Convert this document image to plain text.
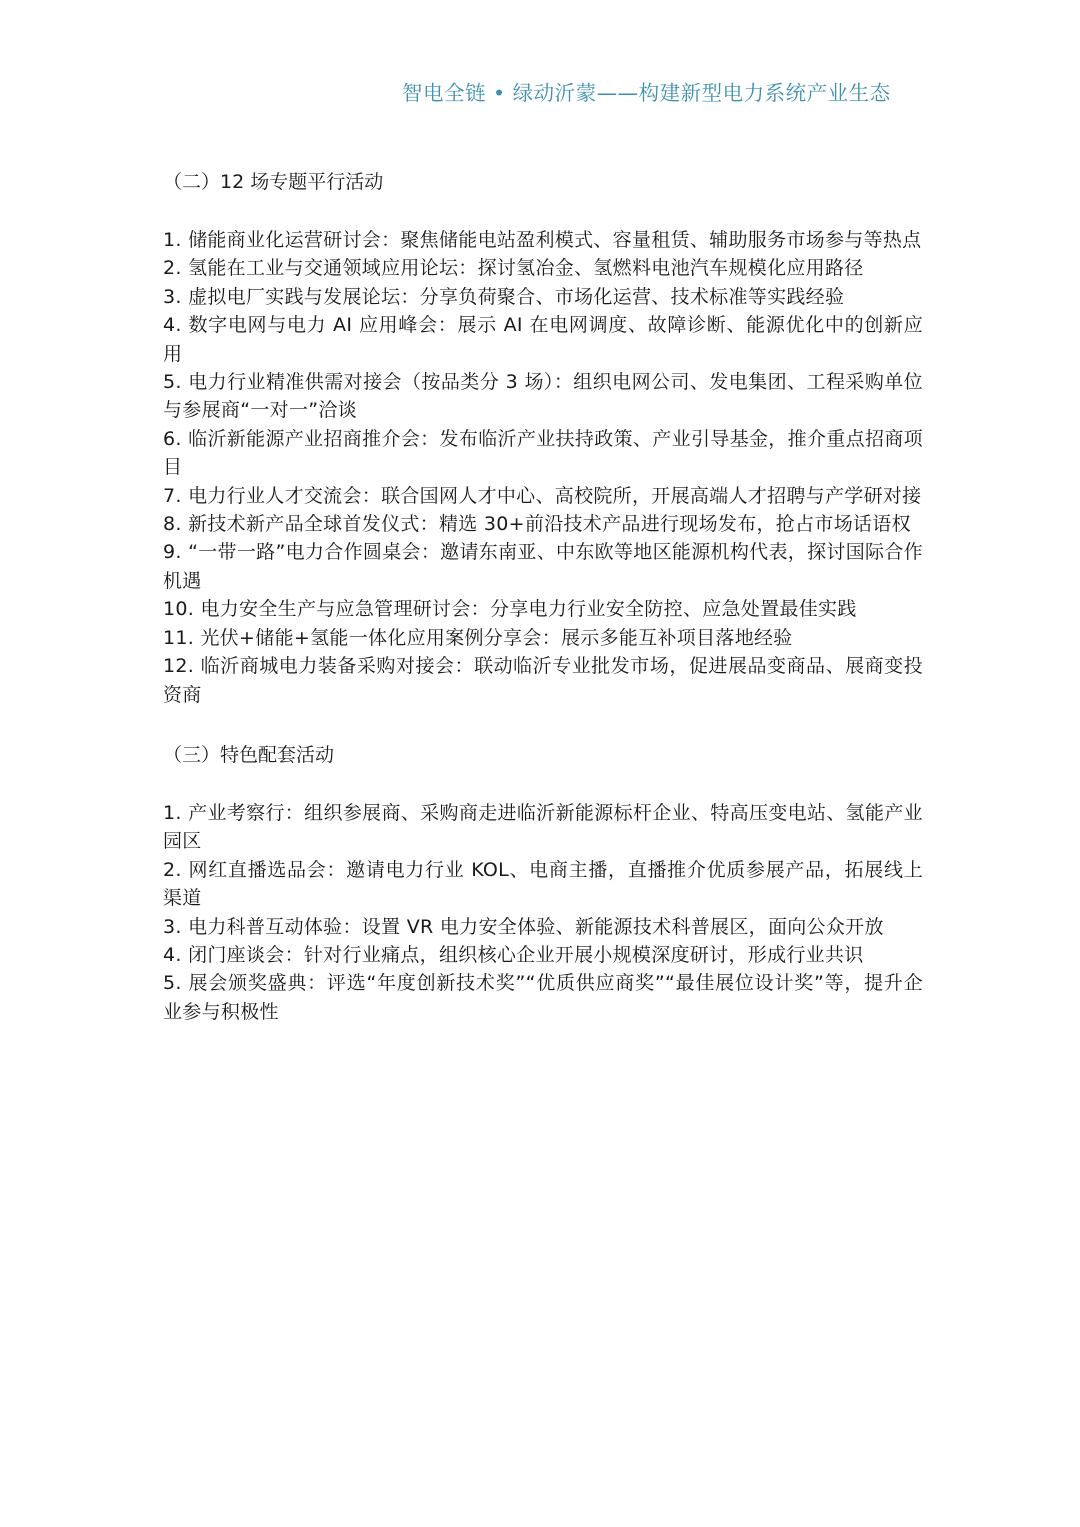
智电全链 • 绿动沂蒙——构建新型电力系统产业生态

（二）12 场专题平行活动

1. 储能商业化运营研讨会：聚焦储能电站盈利模式、容量租赁、辅助服务市场参与等热点
2. 氢能在工业与交通领域应用论坛：探讨氢冶金、氢燃料电池汽车规模化应用路径
3. 虚拟电厂实践与发展论坛：分享负荷聚合、市场化运营、技术标准等实践经验
4. 数字电网与电力 AI 应用峰会：展示 AI 在电网调度、故障诊断、能源优化中的创新应用
5. 电力行业精准供需对接会（按品类分 3 场）：组织电网公司、发电集团、工程采购单位与参展商“一对一”洽谈
6. 临沂新能源产业招商推介会：发布临沂产业扶持政策、产业引导基金，推介重点招商项目
7. 电力行业人才交流会：联合国网人才中心、高校院所，开展高端人才招聘与产学研对接
8. 新技术新产品全球首发仪式：精选 30+前沿技术产品进行现场发布，抢占市场话语权
9. “一带一路”电力合作圆桌会：邀请东南亚、中东欧等地区能源机构代表，探讨国际合作机遇
10. 电力安全生产与应急管理研讨会：分享电力行业安全防控、应急处置最佳实践
11. 光伏+储能+氢能一体化应用案例分享会：展示多能互补项目落地经验
12. 临沂商城电力装备采购对接会：联动临沂专业批发市场，促进展品变商品、展商变投资商

（三）特色配套活动

1. 产业考察行：组织参展商、采购商走进临沂新能源标杆企业、特高压变电站、氢能产业园区
2. 网红直播选品会：邀请电力行业 KOL、电商主播，直播推介优质参展产品，拓展线上渠道
3. 电力科普互动体验：设置 VR 电力安全体验、新能源技术科普展区，面向公众开放
4. 闭门座谈会：针对行业痛点，组织核心企业开展小规模深度研讨，形成行业共识
5. 展会颁奖盛典：评选“年度创新技术奖”“优质供应商奖”“最佳展位设计奖”等，提升企业参与积极性
